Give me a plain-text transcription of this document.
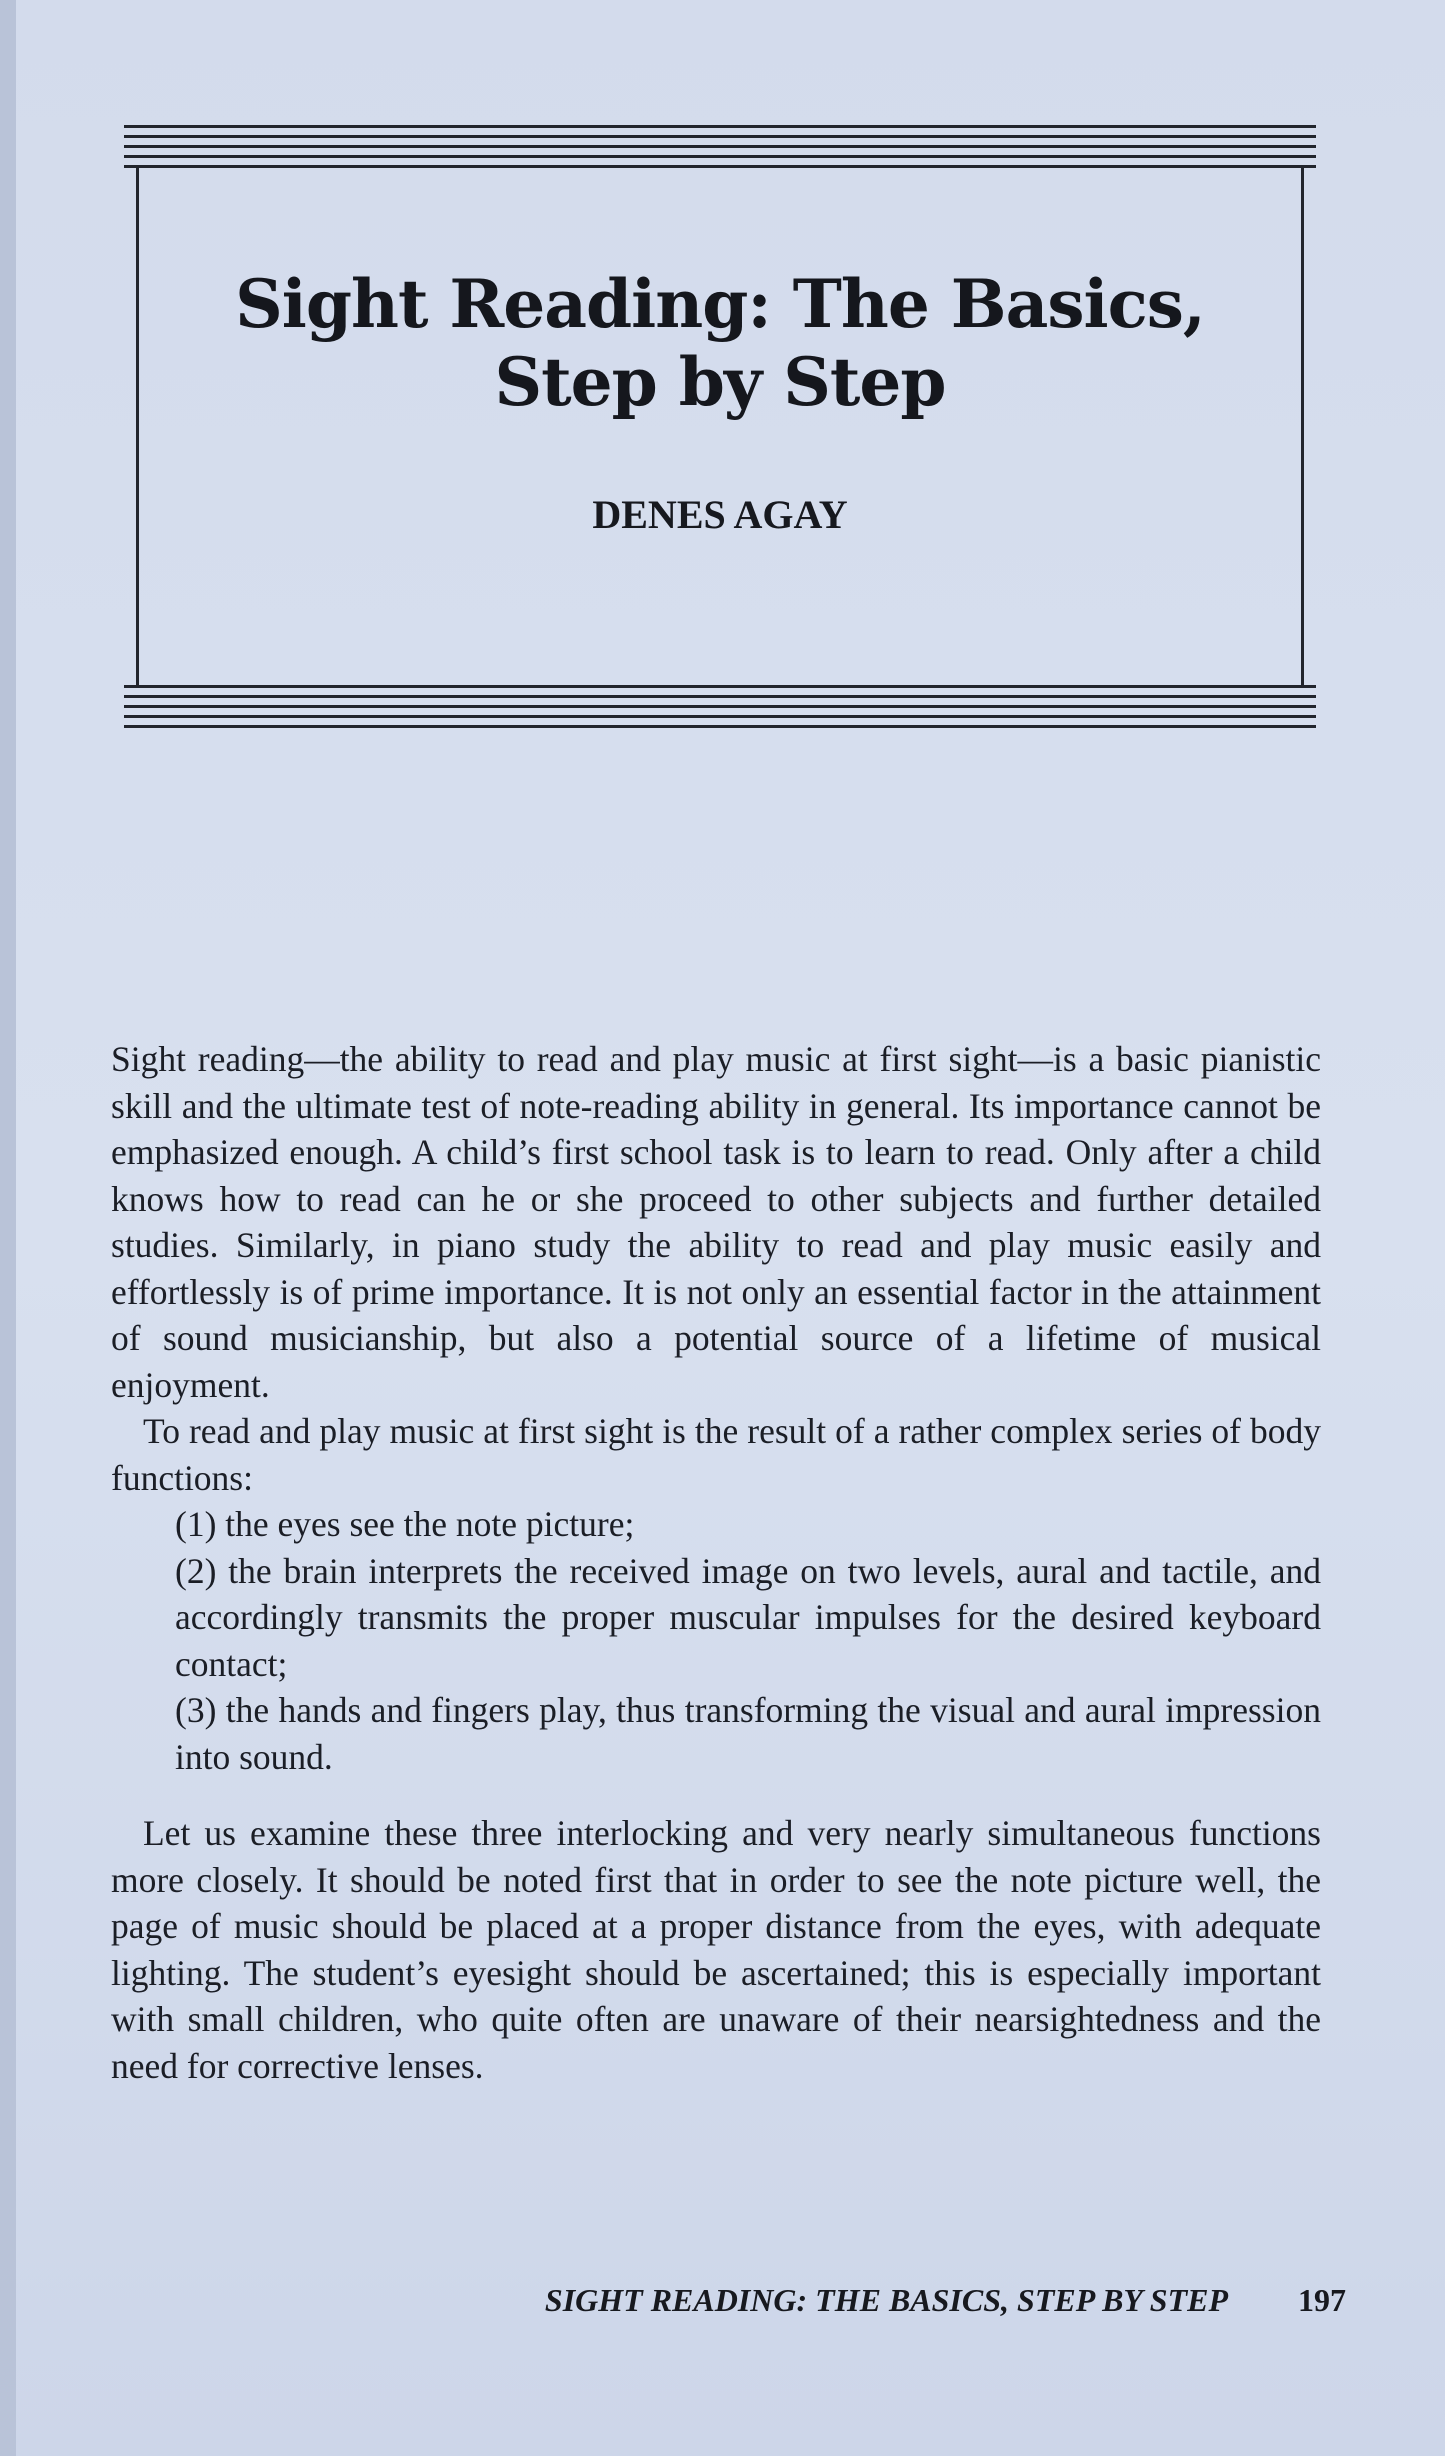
Sight Reading: The Basics,
Step by Step
DENES AGAY

Sight reading—the ability to read and play music at first sight—is a basic pianistic skill and the ultimate test of note-reading ability in general. Its importance cannot be emphasized enough. A child’s first school task is to learn to read. Only after a child knows how to read can he or she proceed to other subjects and further detailed studies. Similarly, in piano study the ability to read and play music easily and effortlessly is of prime importance. It is not only an essential factor in the attainment of sound musicianship, but also a potential source of a lifetime of musical enjoyment.

To read and play music at first sight is the result of a rather complex series of body functions:

(1) the eyes see the note picture;
(2) the brain interprets the received image on two levels, aural and tactile, and accordingly transmits the proper muscular impulses for the desired keyboard contact;
(3) the hands and fingers play, thus transforming the visual and aural impression into sound.

Let us examine these three interlocking and very nearly simultaneous functions more closely. It should be noted first that in order to see the note picture well, the page of music should be placed at a proper distance from the eyes, with adequate lighting. The student’s eyesight should be ascertained; this is especially important with small children, who quite often are unaware of their nearsightedness and the need for corrective lenses.

SIGHT READING: THE BASICS, STEP BY STEP 197
